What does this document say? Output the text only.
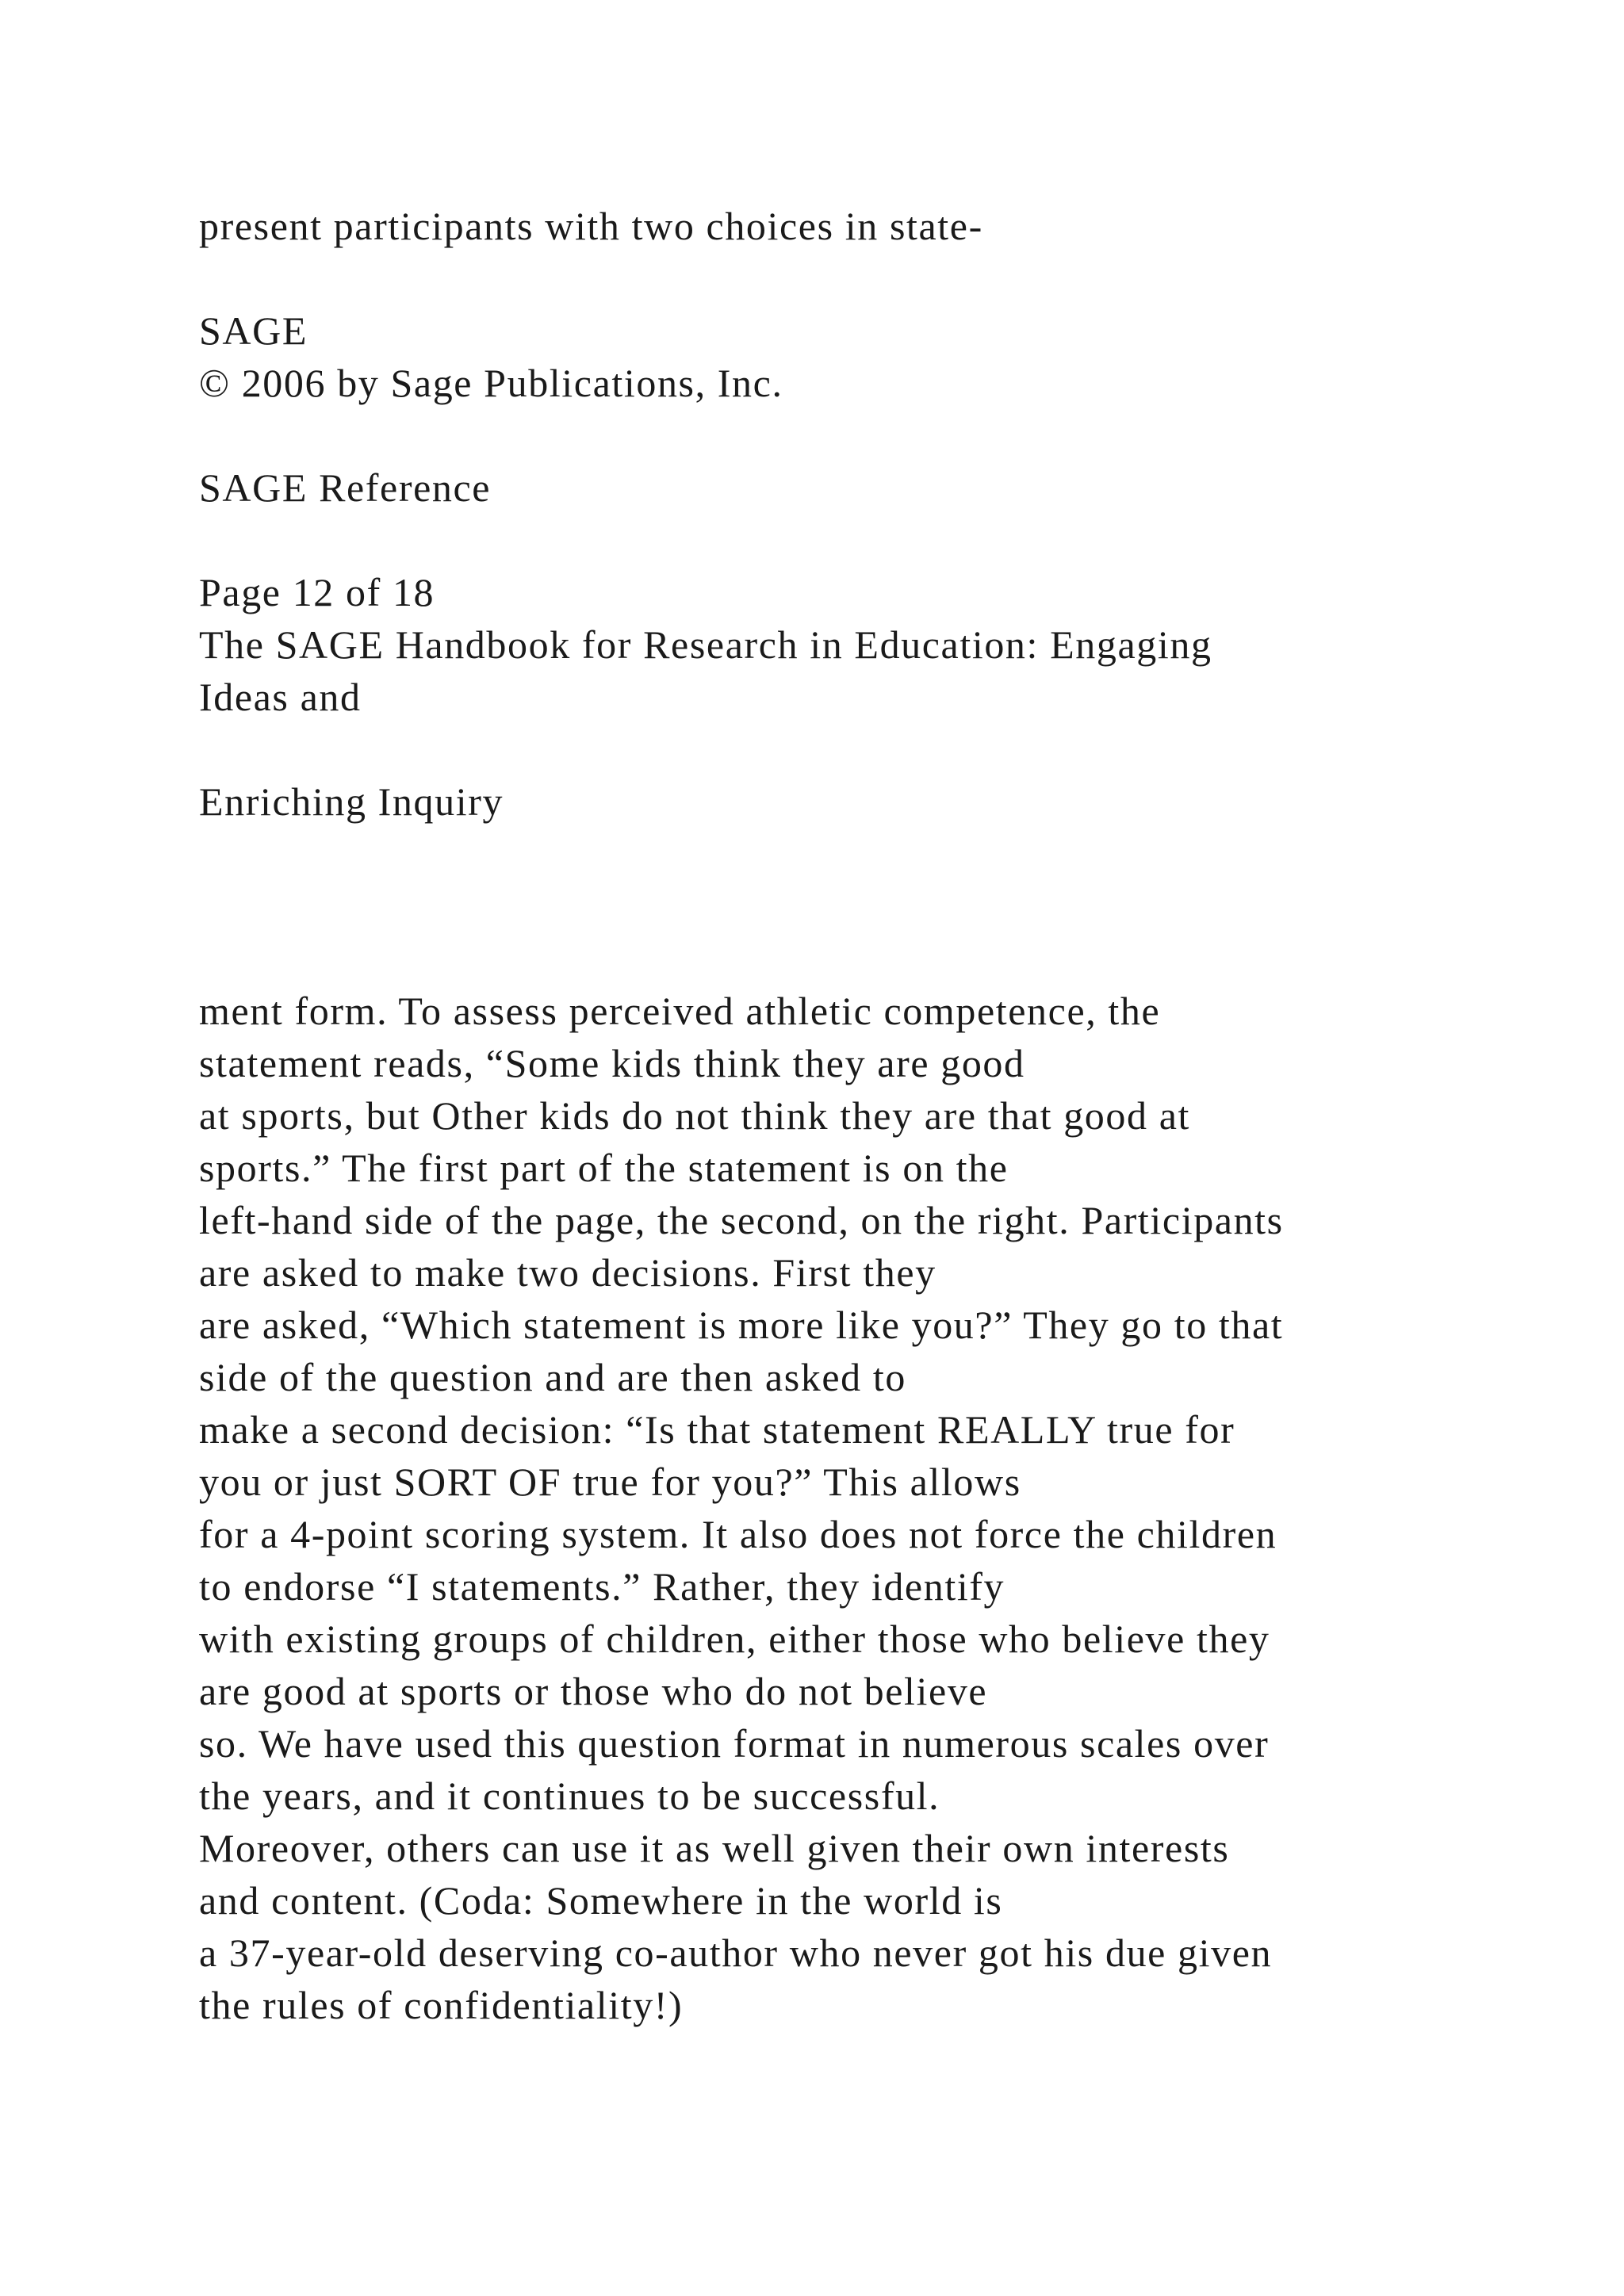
present participants with two choices in state-

SAGE

© 2006 by Sage Publications, Inc.

SAGE Reference

Page 12 of 18

The SAGE Handbook for Research in Education: Engaging

Ideas and

Enriching Inquiry

ment form. To assess perceived athletic competence, the

statement reads, “Some kids think they are good

at sports, but Other kids do not think they are that good at

sports.” The first part of the statement is on the

left-hand side of the page, the second, on the right. Participants

are asked to make two decisions. First they

are asked, “Which statement is more like you?” They go to that

side of the question and are then asked to

make a second decision: “Is that statement REALLY true for

you or just SORT OF true for you?” This allows

for a 4-point scoring system. It also does not force the children

to endorse “I statements.” Rather, they identify

with existing groups of children, either those who believe they

are good at sports or those who do not believe

so. We have used this question format in numerous scales over

the years, and it continues to be successful.

Moreover, others can use it as well given their own interests

and content. (Coda: Somewhere in the world is

a 37-year-old deserving co-author who never got his due given

the rules of confidentiality!)
